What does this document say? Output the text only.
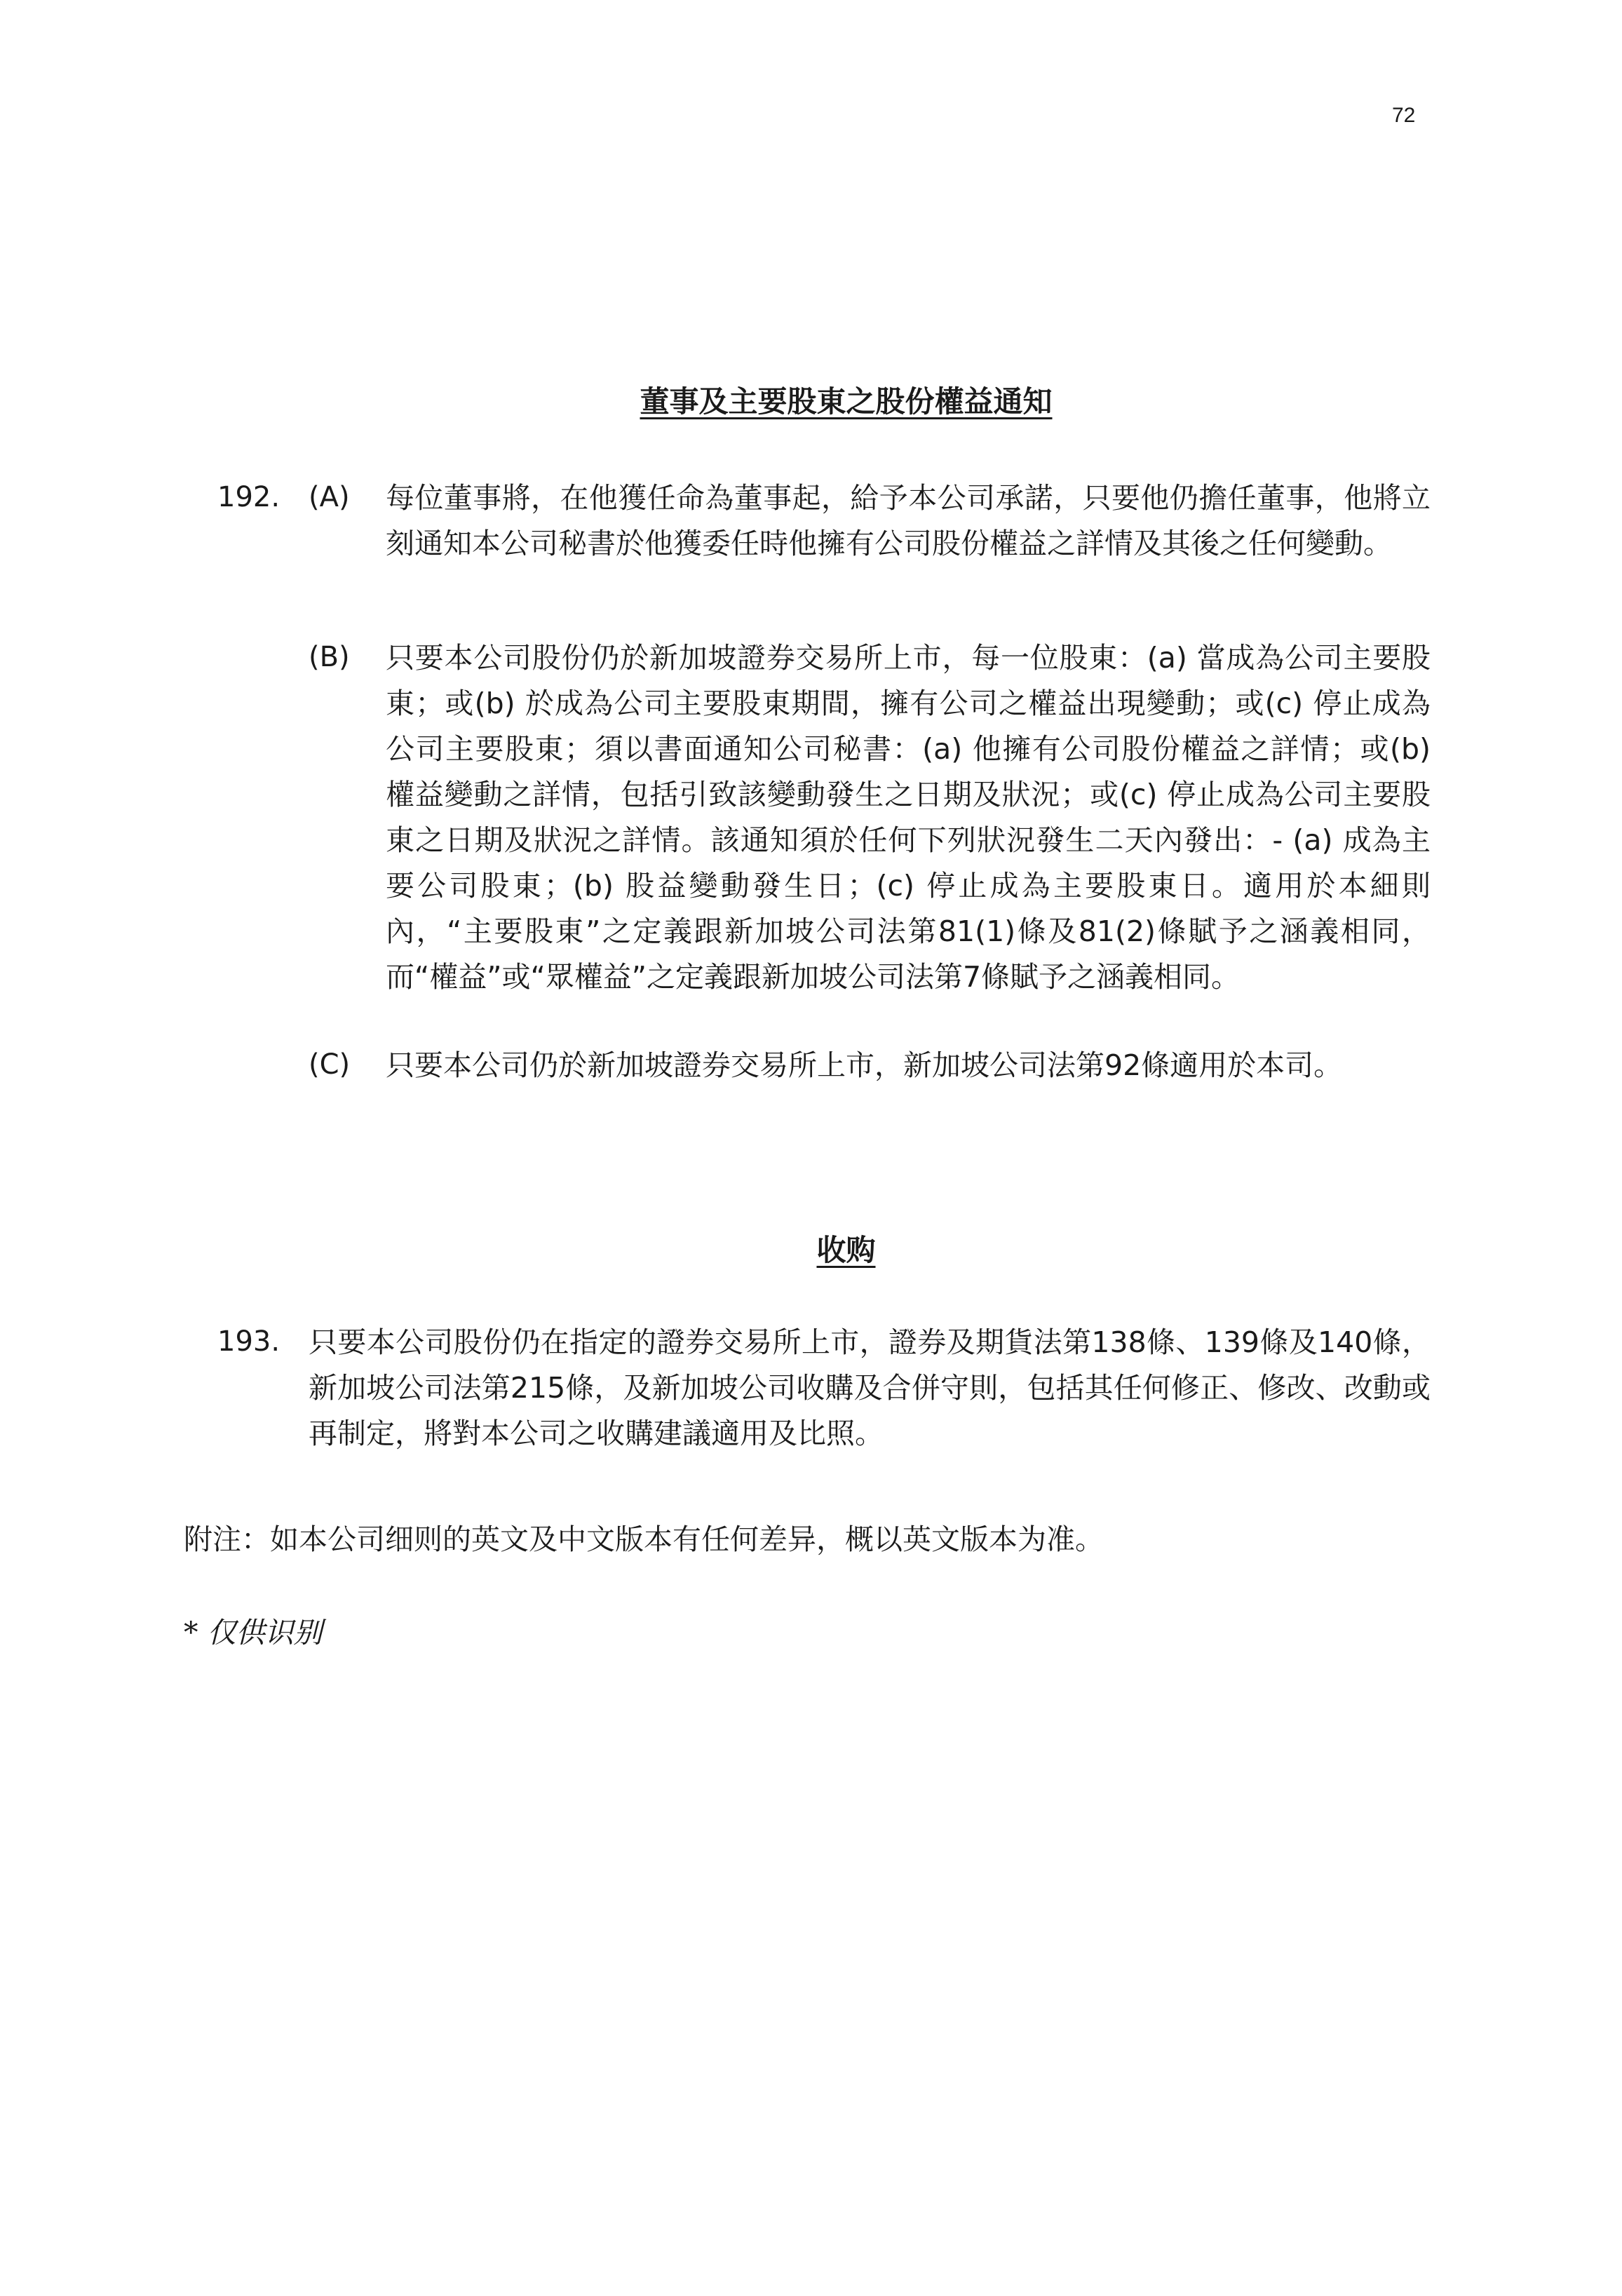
72
董事及主要股東之股份權益通知
192. (A) 每位董事將，在他獲任命為董事起，給予本公司承諾，只要他仍擔任董事，他將立刻通知本公司秘書於他獲委任時他擁有公司股份權益之詳情及其後之任何變動。
(B) 只要本公司股份仍於新加坡證券交易所上市，每一位股東：(a) 當成為公司主要股東；或(b) 於成為公司主要股東期間，擁有公司之權益出現變動；或(c) 停止成為公司主要股東；須以書面通知公司秘書：(a) 他擁有公司股份權益之詳情；或(b) 權益變動之詳情，包括引致該變動發生之日期及狀況；或(c) 停止成為公司主要股東之日期及狀況之詳情。該通知須於任何下列狀況發生二天內發出：- (a) 成為主要公司股東；(b) 股益變動發生日；(c) 停止成為主要股東日。適用於本細則內，“主要股東”之定義跟新加坡公司法第81(1)條及81(2)條賦予之涵義相同，而“權益”或“眾權益”之定義跟新加坡公司法第7條賦予之涵義相同。
(C) 只要本公司仍於新加坡證券交易所上市，新加坡公司法第92條適用於本司。
收购
193. 只要本公司股份仍在指定的證券交易所上市，證券及期貨法第138條、139條及140條，新加坡公司法第215條，及新加坡公司收購及合併守則，包括其任何修正、修改、改動或再制定，將對本公司之收購建議適用及比照。
附注：如本公司细则的英文及中文版本有任何差异，概以英文版本为准。
* 仅供识别
